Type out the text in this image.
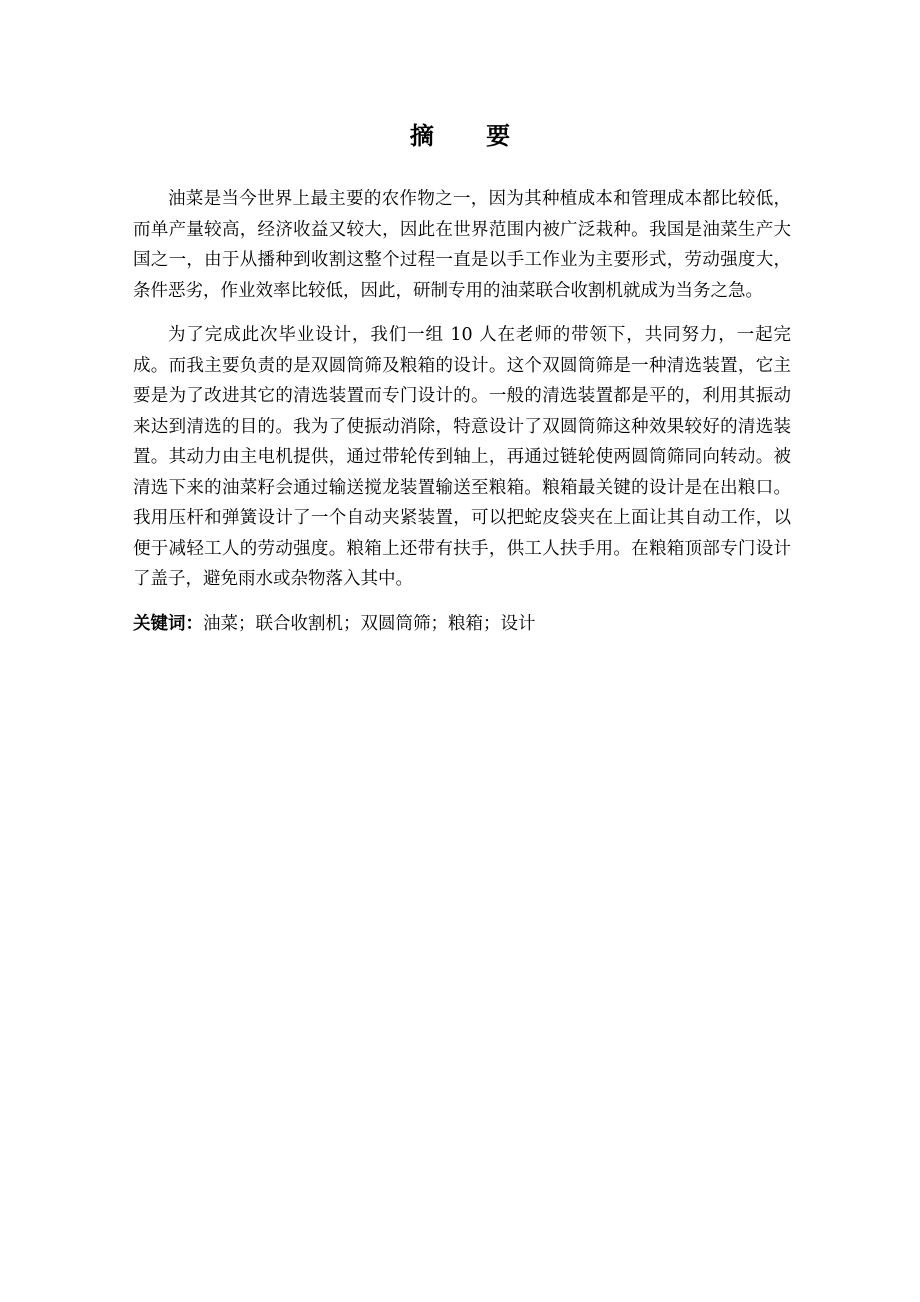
摘 要

油菜是当今世界上最主要的农作物之一，因为其种植成本和管理成本都比较低，而单产量较高，经济收益又较大，因此在世界范围内被广泛栽种。我国是油菜生产大国之一，由于从播种到收割这整个过程一直是以手工作业为主要形式，劳动强度大，条件恶劣，作业效率比较低，因此，研制专用的油菜联合收割机就成为当务之急。

为了完成此次毕业设计，我们一组 10 人在老师的带领下，共同努力，一起完成。而我主要负责的是双圆筒筛及粮箱的设计。这个双圆筒筛是一种清选装置，它主要是为了改进其它的清选装置而专门设计的。一般的清选装置都是平的，利用其振动来达到清选的目的。我为了使振动消除，特意设计了双圆筒筛这种效果较好的清选装置。其动力由主电机提供，通过带轮传到轴上，再通过链轮使两圆筒筛同向转动。被清选下来的油菜籽会通过输送搅龙装置输送至粮箱。粮箱最关键的设计是在出粮口。我用压杆和弹簧设计了一个自动夹紧装置，可以把蛇皮袋夹在上面让其自动工作，以便于减轻工人的劳动强度。粮箱上还带有扶手，供工人扶手用。在粮箱顶部专门设计了盖子，避免雨水或杂物落入其中。

关键词：油菜；联合收割机；双圆筒筛；粮箱；设计
